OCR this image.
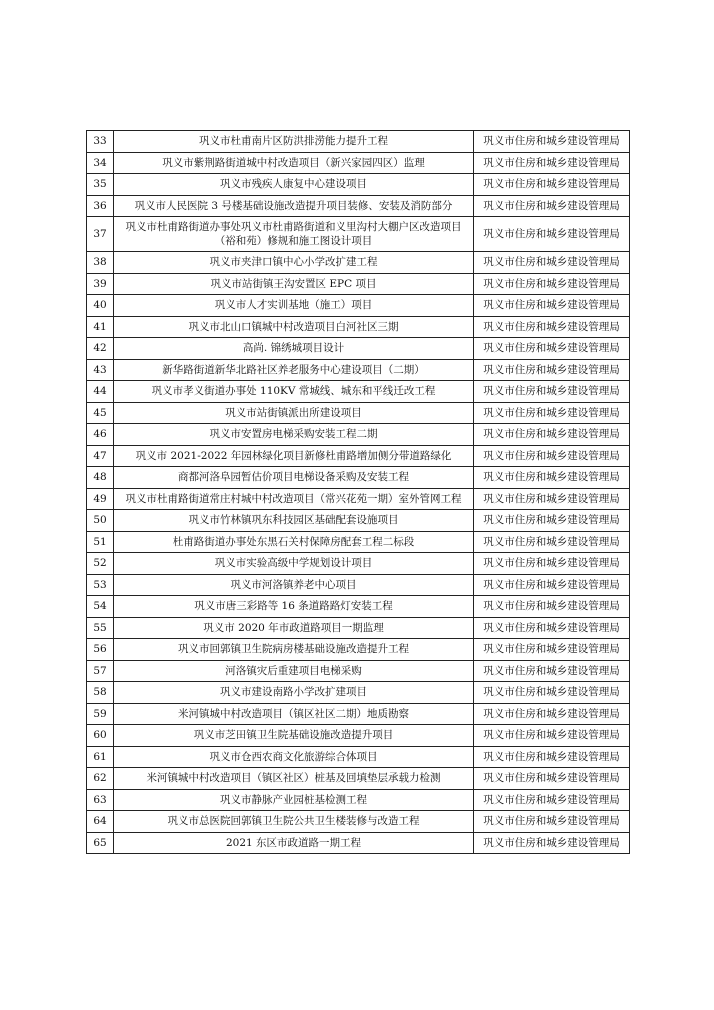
33	巩义市杜甫南片区防洪排涝能力提升工程	巩义市住房和城乡建设管理局
34	巩义市紫荆路街道城中村改造项目（新兴家园四区）监理	巩义市住房和城乡建设管理局
35	巩义市残疾人康复中心建设项目	巩义市住房和城乡建设管理局
36	巩义市人民医院 3 号楼基础设施改造提升项目装修、安装及消防部分	巩义市住房和城乡建设管理局
37	巩义市杜甫路街道办事处巩义市杜甫路街道和义里沟村大棚户区改造项目（裕和苑）修规和施工图设计项目	巩义市住房和城乡建设管理局
38	巩义市夹津口镇中心小学改扩建工程	巩义市住房和城乡建设管理局
39	巩义市站街镇王沟安置区 EPC 项目	巩义市住房和城乡建设管理局
40	巩义市人才实训基地（施工）项目	巩义市住房和城乡建设管理局
41	巩义市北山口镇城中村改造项目白河社区三期	巩义市住房和城乡建设管理局
42	高尚. 锦绣城项目设计	巩义市住房和城乡建设管理局
43	新华路街道新华北路社区养老服务中心建设项目（二期）	巩义市住房和城乡建设管理局
44	巩义市孝义街道办事处 110KV 常城线、城东和平线迁改工程	巩义市住房和城乡建设管理局
45	巩义市站街镇派出所建设项目	巩义市住房和城乡建设管理局
46	巩义市安置房电梯采购安装工程二期	巩义市住房和城乡建设管理局
47	巩义市 2021-2022 年园林绿化项目新修杜甫路增加侧分带道路绿化	巩义市住房和城乡建设管理局
48	商都河洛阜园暂估价项目电梯设备采购及安装工程	巩义市住房和城乡建设管理局
49	巩义市杜甫路街道常庄村城中村改造项目（常兴花苑一期）室外管网工程	巩义市住房和城乡建设管理局
50	巩义市竹林镇巩东科技园区基础配套设施项目	巩义市住房和城乡建设管理局
51	杜甫路街道办事处东黑石关村保障房配套工程二标段	巩义市住房和城乡建设管理局
52	巩义市实验高级中学规划设计项目	巩义市住房和城乡建设管理局
53	巩义市河洛镇养老中心项目	巩义市住房和城乡建设管理局
54	巩义市唐三彩路等 16 条道路路灯安装工程	巩义市住房和城乡建设管理局
55	巩义市 2020 年市政道路项目一期监理	巩义市住房和城乡建设管理局
56	巩义市回郭镇卫生院病房楼基础设施改造提升工程	巩义市住房和城乡建设管理局
57	河洛镇灾后重建项目电梯采购	巩义市住房和城乡建设管理局
58	巩义市建设南路小学改扩建项目	巩义市住房和城乡建设管理局
59	米河镇城中村改造项目（镇区社区二期）地质勘察	巩义市住房和城乡建设管理局
60	巩义市芝田镇卫生院基础设施改造提升项目	巩义市住房和城乡建设管理局
61	巩义市仓西农商文化旅游综合体项目	巩义市住房和城乡建设管理局
62	米河镇城中村改造项目（镇区社区）桩基及回填垫层承载力检测	巩义市住房和城乡建设管理局
63	巩义市静脉产业园桩基检测工程	巩义市住房和城乡建设管理局
64	巩义市总医院回郭镇卫生院公共卫生楼装修与改造工程	巩义市住房和城乡建设管理局
65	2021 东区市政道路一期工程	巩义市住房和城乡建设管理局
